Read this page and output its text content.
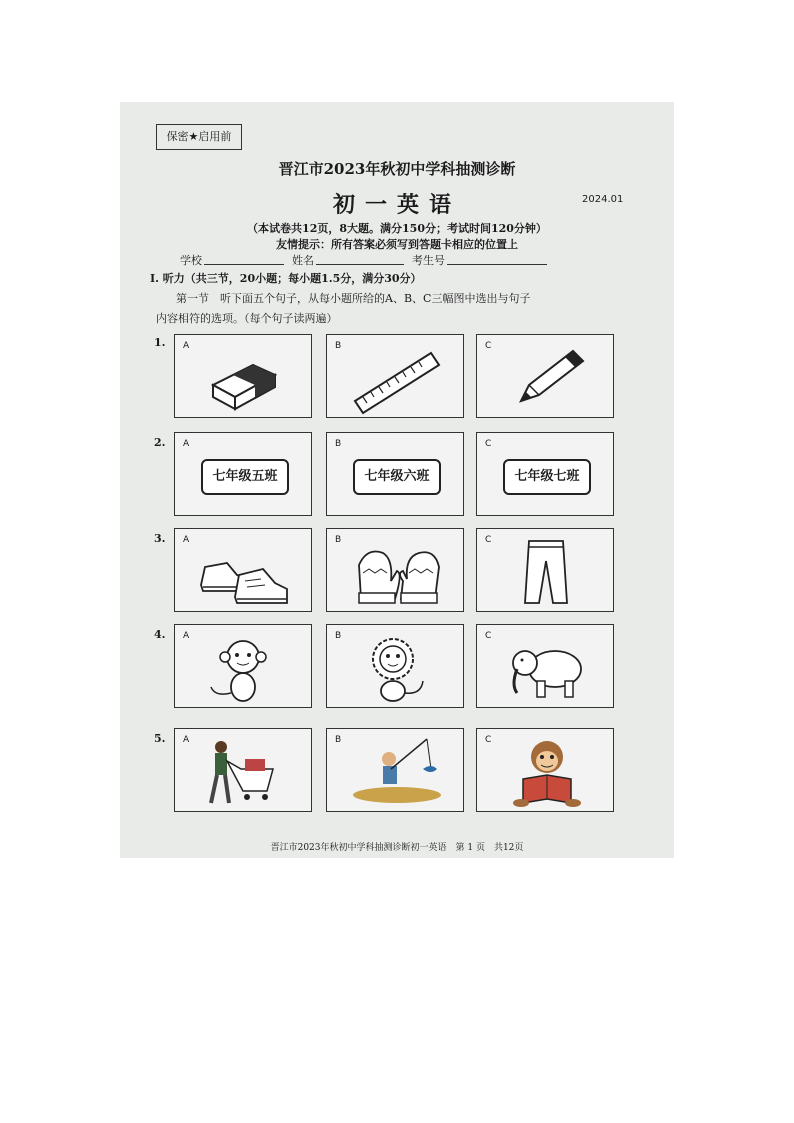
保密★启用前
晋江市2023年秋初中学科抽测诊断
初一英语	2024.01
（本试卷共12页，8大题。满分150分；考试时间120分钟）
友情提示：所有答案必须写到答题卡相应的位置上
学校	姓名	考生号
Ⅰ. 听力（共三节，20小题；每小题1.5分，满分30分）
第一节　听下面五个句子，从每小题所给的A、B、C三幅图中选出与句子
内容相符的选项。（每个句子读两遍）
1. A	B	C
2. A
七年级五班
B
七年级六班
C
七年级七班
3. A	B	C
4. A	B	C
5. A	B	C
晋江市2023年秋初中学科抽测诊断初一英语　第 1 页　共12页
